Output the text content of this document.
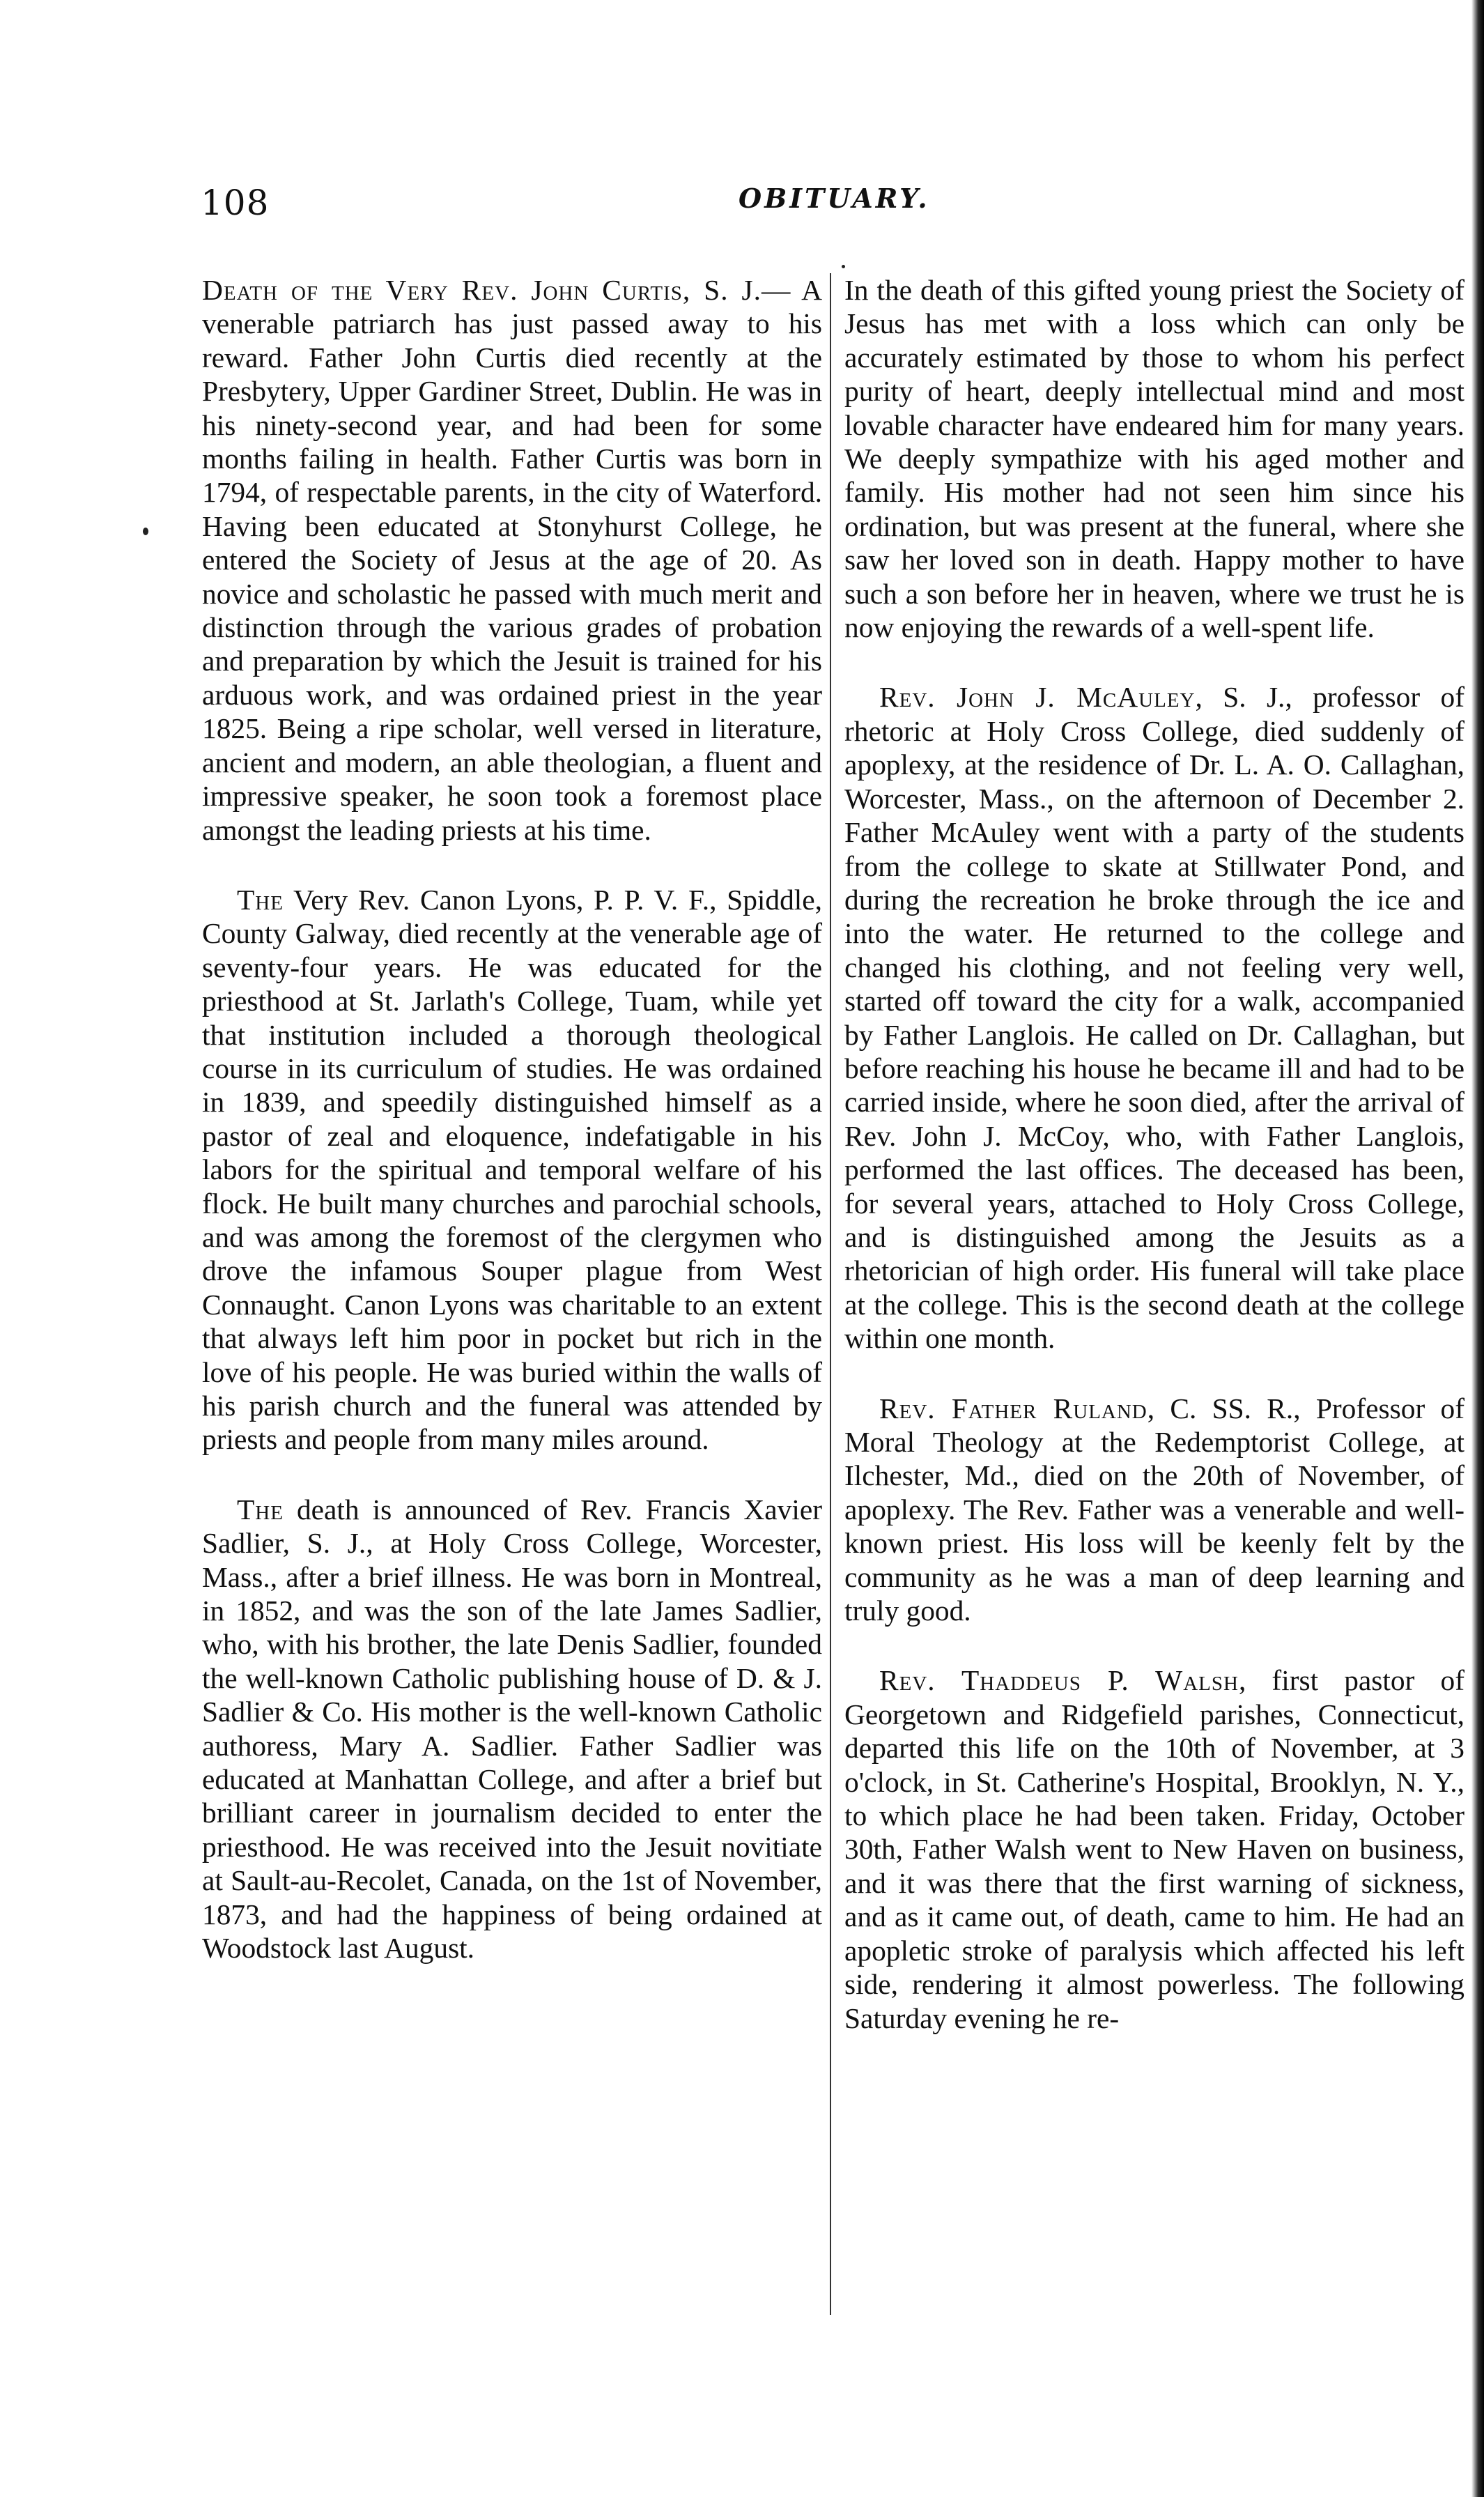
108	OBITUARY.

Death of the Very Rev. John Curtis, S. J.— A venerable patriarch has just passed away to his reward. Father John Curtis died recently at the Presbytery, Upper Gardiner Street, Dublin. He was in his ninety-second year, and had been for some months failing in health. Father Curtis was born in 1794, of respectable parents, in the city of Waterford. Having been educated at Stonyhurst College, he entered the Society of Jesus at the age of 20. As novice and scholastic he passed with much merit and distinction through the various grades of probation and preparation by which the Jesuit is trained for his arduous work, and was ordained priest in the year 1825. Being a ripe scholar, well versed in literature, ancient and modern, an able theologian, a fluent and impressive speaker, he soon took a foremost place amongst the leading priests at his time.

The Very Rev. Canon Lyons, P. P. V. F., Spiddle, County Galway, died recently at the venerable age of seventy-four years. He was educated for the priesthood at St. Jarlath's College, Tuam, while yet that institution included a thorough theological course in its curriculum of studies. He was ordained in 1839, and speedily distinguished himself as a pastor of zeal and eloquence, indefatigable in his labors for the spiritual and temporal welfare of his flock. He built many churches and parochial schools, and was among the foremost of the clergymen who drove the infamous Souper plague from West Connaught. Canon Lyons was charitable to an extent that always left him poor in pocket but rich in the love of his people. He was buried within the walls of his parish church and the funeral was attended by priests and people from many miles around.

The death is announced of Rev. Francis Xavier Sadlier, S. J., at Holy Cross College, Worcester, Mass., after a brief illness. He was born in Montreal, in 1852, and was the son of the late James Sadlier, who, with his brother, the late Denis Sadlier, founded the well-known Catholic publishing house of D. & J. Sadlier & Co. His mother is the well-known Catholic authoress, Mary A. Sadlier. Father Sadlier was educated at Manhattan College, and after a brief but brilliant career in journalism decided to enter the priesthood. He was received into the Jesuit novitiate at Sault-au-Recolet, Canada, on the 1st of November, 1873, and had the happiness of being ordained at Woodstock last August.

In the death of this gifted young priest the Society of Jesus has met with a loss which can only be accurately estimated by those to whom his perfect purity of heart, deeply intellectual mind and most lovable character have endeared him for many years. We deeply sympathize with his aged mother and family. His mother had not seen him since his ordination, but was present at the funeral, where she saw her loved son in death. Happy mother to have such a son before her in heaven, where we trust he is now enjoying the rewards of a well-spent life.

Rev. John J. McAuley, S. J., professor of rhetoric at Holy Cross College, died suddenly of apoplexy, at the residence of Dr. L. A. O. Callaghan, Worcester, Mass., on the afternoon of December 2. Father McAuley went with a party of the students from the college to skate at Stillwater Pond, and during the recreation he broke through the ice and into the water. He returned to the college and changed his clothing, and not feeling very well, started off toward the city for a walk, accompanied by Father Langlois. He called on Dr. Callaghan, but before reaching his house he became ill and had to be carried inside, where he soon died, after the arrival of Rev. John J. McCoy, who, with Father Langlois, performed the last offices. The deceased has been, for several years, attached to Holy Cross College, and is distinguished among the Jesuits as a rhetorician of high order. His funeral will take place at the college. This is the second death at the college within one month.

Rev. Father Ruland, C. SS. R., Professor of Moral Theology at the Redemptorist College, at Ilchester, Md., died on the 20th of November, of apoplexy. The Rev. Father was a venerable and well-known priest. His loss will be keenly felt by the community as he was a man of deep learning and truly good.

Rev. Thaddeus P. Walsh, first pastor of Georgetown and Ridgefield parishes, Connecticut, departed this life on the 10th of November, at 3 o'clock, in St. Catherine's Hospital, Brooklyn, N. Y., to which place he had been taken. Friday, October 30th, Father Walsh went to New Haven on business, and it was there that the first warning of sickness, and as it came out, of death, came to him. He had an apopletic stroke of paralysis which affected his left side, rendering it almost powerless. The following Saturday evening he re-
